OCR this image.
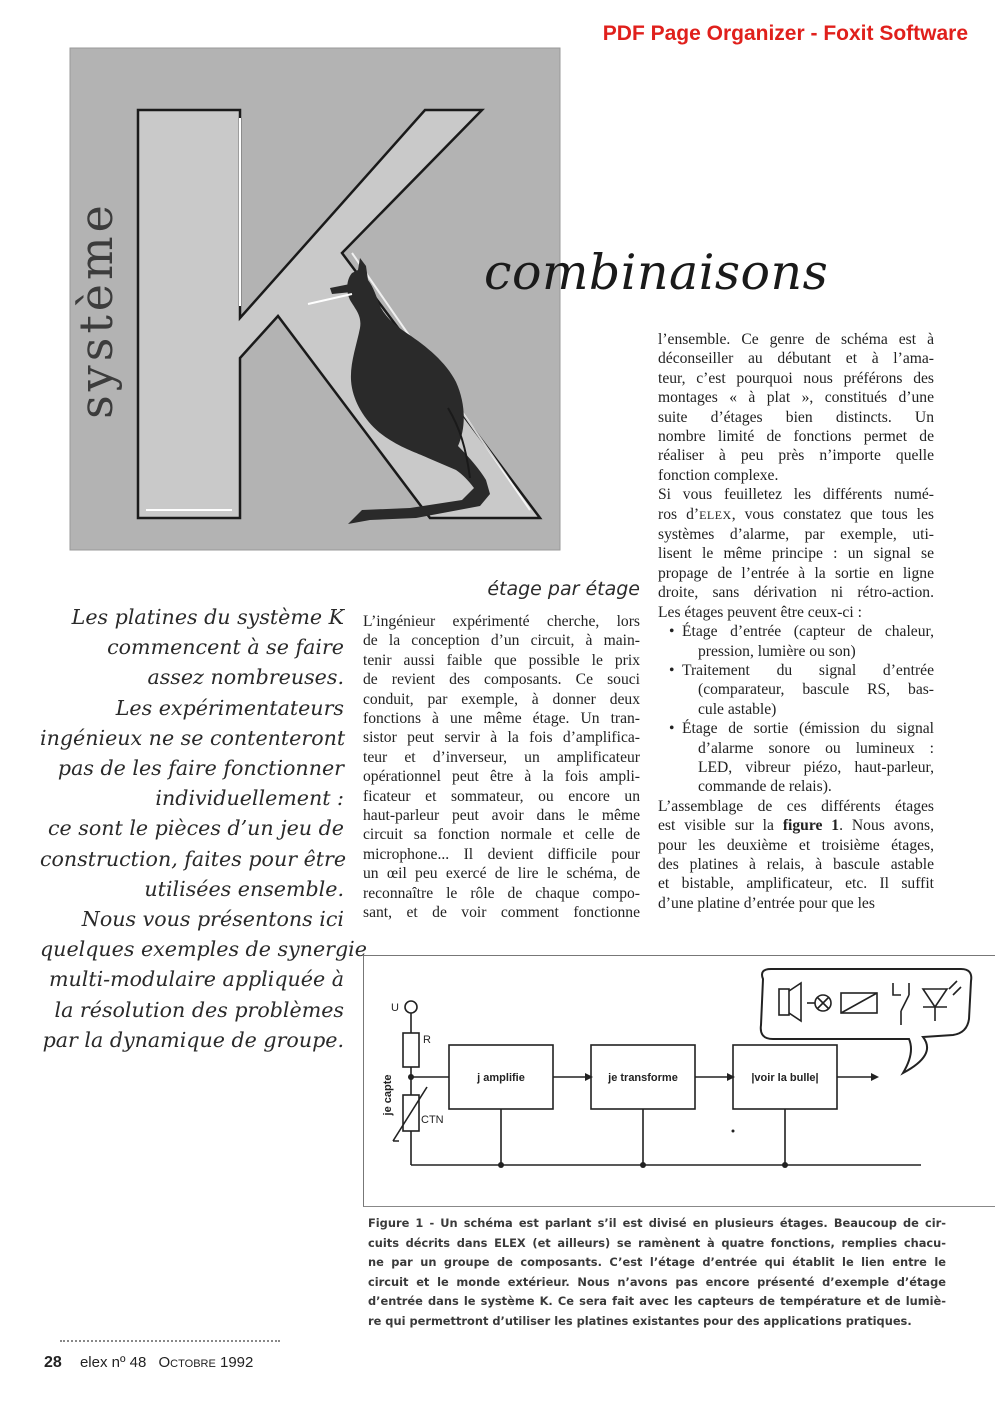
PDF Page Organizer - Foxit Software
système	combinaisons
Les platines du système K
commencent à se faire
assez nombreuses.
Les expérimentateurs
ingénieux ne se contenteront
pas de les faire fonctionner
individuellement :
ce sont le pièces d’un jeu de
construction, faites pour être
utilisées ensemble.
Nous vous présentons ici
quelques exemples de synergie
multi-modulaire appliquée à
la résolution des problèmes
par la dynamique de groupe.
étage par étage
L’ingénieur expérimenté cherche, lors
de la conception d’un circuit, à main-
tenir aussi faible que possible le prix
de revient des composants. Ce souci
conduit, par exemple, à donner deux
fonctions à une même étage. Un tran-
sistor peut servir à la fois d’amplifica-
teur et d’inverseur, un amplificateur
opérationnel peut être à la fois ampli-
ficateur et sommateur, ou encore un
haut-parleur peut avoir dans le même
circuit sa fonction normale et celle de
microphone... Il devient difficile pour
un œil peu exercé de lire le schéma, de
reconnaître le rôle de chaque compo-
sant, et de voir comment fonctionne
l’ensemble. Ce genre de schéma est à
déconseiller au débutant et à l’ama-
teur, c’est pourquoi nous préférons des
montages « à plat », constitués d’une
suite d’étages bien distincts. Un
nombre limité de fonctions permet de
réaliser à peu près n’importe quelle
fonction complexe.
Si vous feuilletez les différents numé-
ros d’ELEX, vous constatez que tous les
systèmes d’alarme, par exemple, uti-
lisent le même principe : un signal se
propage de l’entrée à la sortie en ligne
droite, sans dérivation ni rétro-action.
Les étages peuvent être ceux-ci :
• Étage d’entrée (capteur de chaleur,
pression, lumière ou son)
• Traitement du signal d’entrée
(comparateur, bascule RS, bas-
cule astable)
• Étage de sortie (émission du signal
d’alarme sonore ou lumineux :
LED, vibreur piézo, haut-parleur,
commande de relais).
L’assemblage de ces différents étages
est visible sur la figure 1. Nous avons,
pour les deuxième et troisième étages,
des platines à relais, à bascule astable
et bistable, amplificateur, etc. Il suffit
d’une platine d’entrée pour que les
U
R
CTN
je capte	j amplifie	je transforme	|voir la bulle|
Figure 1 - Un schéma est parlant s’il est divisé en plusieurs étages. Beaucoup de cir-
cuits décrits dans ELEX (et ailleurs) se ramènent à quatre fonctions, remplies chacu-
ne par un groupe de composants. C’est l’étage d’entrée qui établit le lien entre le
circuit et le monde extérieur. Nous n’avons pas encore présenté d’exemple d’étage
d’entrée dans le système K. Ce sera fait avec les capteurs de température et de lumiè-
re qui permettront d’utiliser les platines existantes pour des applications pratiques.
28 elex nº 48 Octobre 1992
